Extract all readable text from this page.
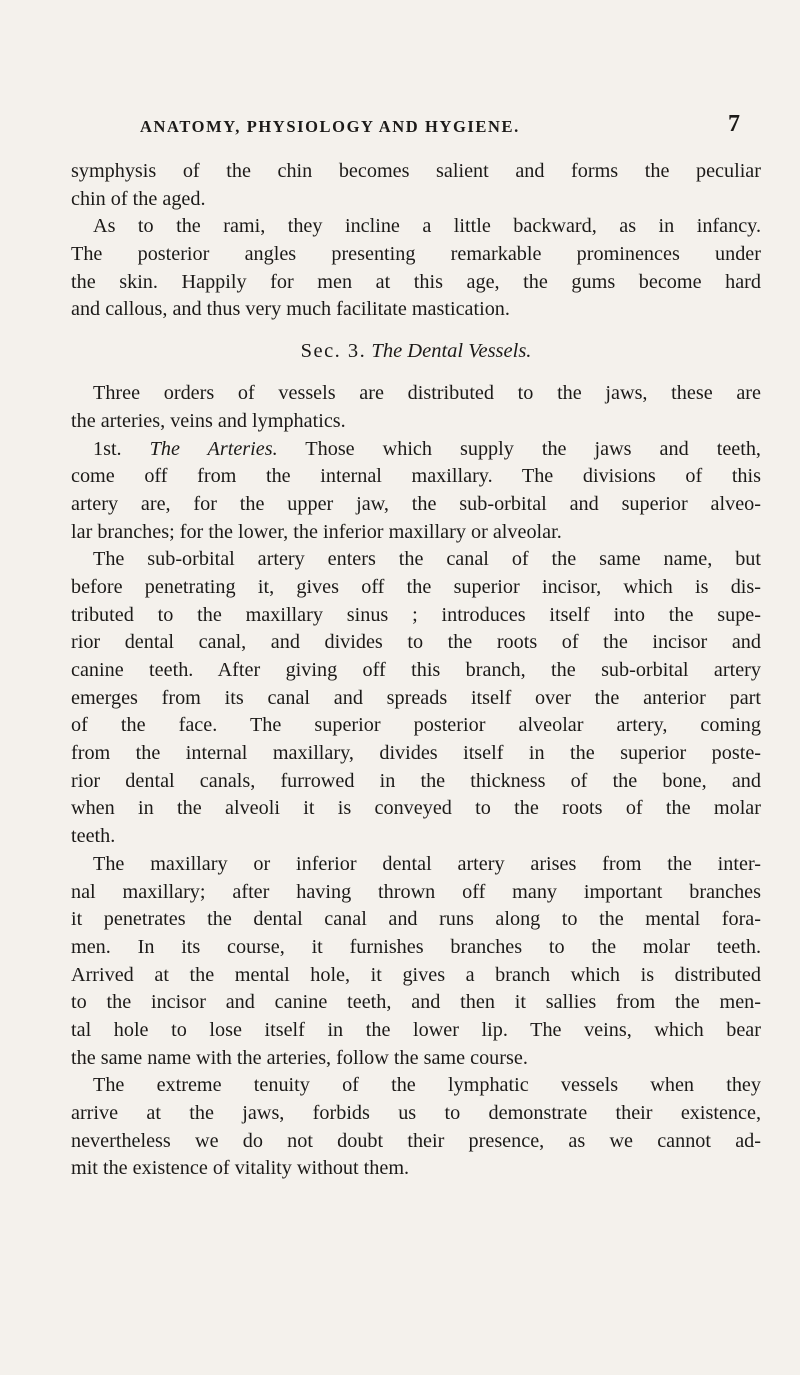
ANATOMY, PHYSIOLOGY AND HYGIENE.	7
symphysis of the chin becomes salient and forms the peculiar
chin of the aged.
As to the rami, they incline a little backward, as in infancy.
The posterior angles presenting remarkable prominences under
the skin. Happily for men at this age, the gums become hard
and callous, and thus very much facilitate mastication.
Sec. 3. The Dental Vessels.
Three orders of vessels are distributed to the jaws, these are
the arteries, veins and lymphatics.
1st. The Arteries. Those which supply the jaws and teeth,
come off from the internal maxillary. The divisions of this
artery are, for the upper jaw, the sub-orbital and superior alveo-
lar branches; for the lower, the inferior maxillary or alveolar.
The sub-orbital artery enters the canal of the same name, but
before penetrating it, gives off the superior incisor, which is dis-
tributed to the maxillary sinus ; introduces itself into the supe-
rior dental canal, and divides to the roots of the incisor and
canine teeth. After giving off this branch, the sub-orbital artery
emerges from its canal and spreads itself over the anterior part
of the face. The superior posterior alveolar artery, coming
from the internal maxillary, divides itself in the superior poste-
rior dental canals, furrowed in the thickness of the bone, and
when in the alveoli it is conveyed to the roots of the molar
teeth.
The maxillary or inferior dental artery arises from the inter-
nal maxillary; after having thrown off many important branches
it penetrates the dental canal and runs along to the mental fora-
men. In its course, it furnishes branches to the molar teeth.
Arrived at the mental hole, it gives a branch which is distributed
to the incisor and canine teeth, and then it sallies from the men-
tal hole to lose itself in the lower lip. The veins, which bear
the same name with the arteries, follow the same course.
The extreme tenuity of the lymphatic vessels when they
arrive at the jaws, forbids us to demonstrate their existence,
nevertheless we do not doubt their presence, as we cannot ad-
mit the existence of vitality without them.
